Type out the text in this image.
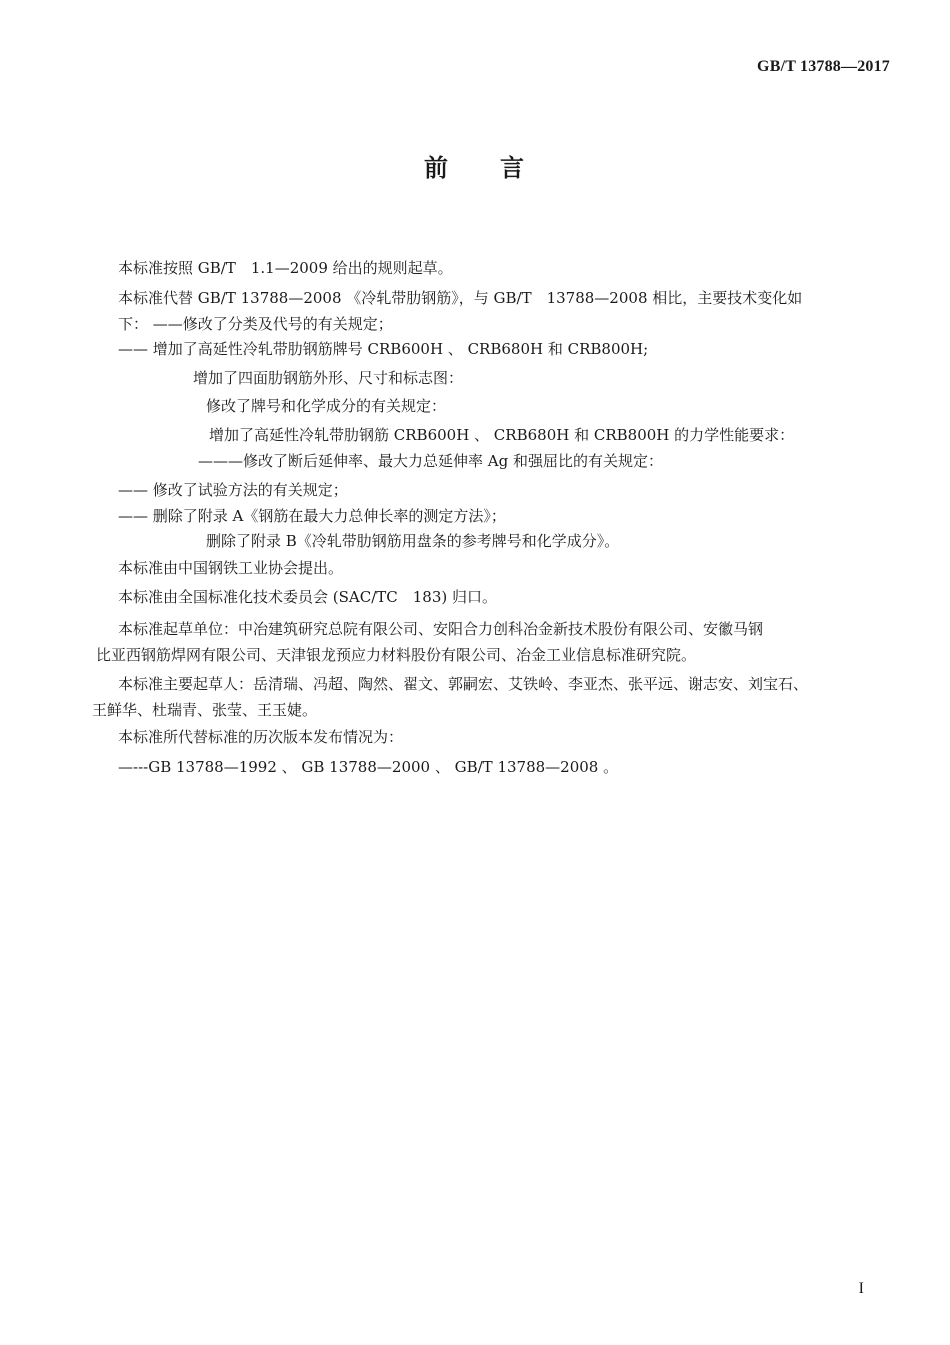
GB/T 13788—2017
前 言
本标准按照 GB/T　1.1—2009 给出的规则起草。
本标准代替 GB/T 13788—2008 《冷轧带肋钢筋》，与 GB/T　13788—2008 相比，主要技术变化如
下： ——修改了分类及代号的有关规定；
—— 增加了高延性冷轧带肋钢筋牌号 CRB600H 、 CRB680H 和 CRB800H;
增加了四面肋钢筋外形、尺寸和标志图：
修改了牌号和化学成分的有关规定：
增加了高延性冷轧带肋钢筋 CRB600H 、 CRB680H 和 CRB800H 的力学性能要求：
———修改了断后延伸率、最大力总延伸率 Ag 和强屈比的有关规定：
—— 修改了试验方法的有关规定；
—— 删除了附录 A《钢筋在最大力总伸长率的测定方法》；
删除了附录 B《冷轧带肋钢筋用盘条的参考牌号和化学成分》。
本标准由中国钢铁工业协会提出。
本标准由全国标准化技术委员会 (SAC/TC　183) 归口。
本标准起草单位：中冶建筑研究总院有限公司、安阳合力创科冶金新技术股份有限公司、安徽马钢
比亚西钢筋焊网有限公司、天津银龙预应力材料股份有限公司、冶金工业信息标准研究院。
本标准主要起草人：岳清瑞、冯超、陶然、翟文、郭嗣宏、艾铁岭、李亚杰、张平远、谢志安、刘宝石、
王鲜华、杜瑞青、张莹、王玉婕。
本标准所代替标准的历次版本发布情况为：
—---GB 13788—1992 、 GB 13788—2000 、 GB/T 13788—2008 。
I
